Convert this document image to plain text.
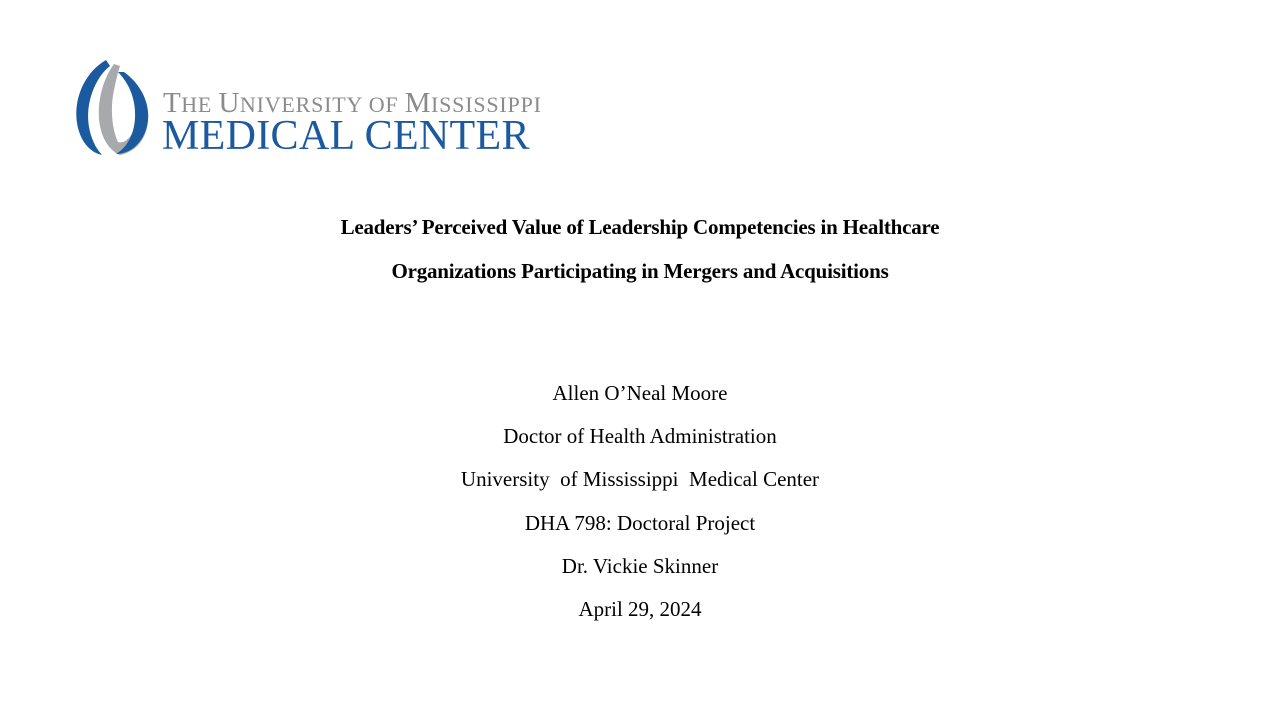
THE UNIVERSITY OF MISSISSIPPI
MEDICAL CENTER
Leaders’ Perceived Value of Leadership Competencies in Healthcare
Organizations Participating in Mergers and Acquisitions
Allen O’Neal Moore
Doctor of Health Administration
University  of Mississippi  Medical Center
DHA 798: Doctoral Project
Dr. Vickie Skinner
April 29, 2024
